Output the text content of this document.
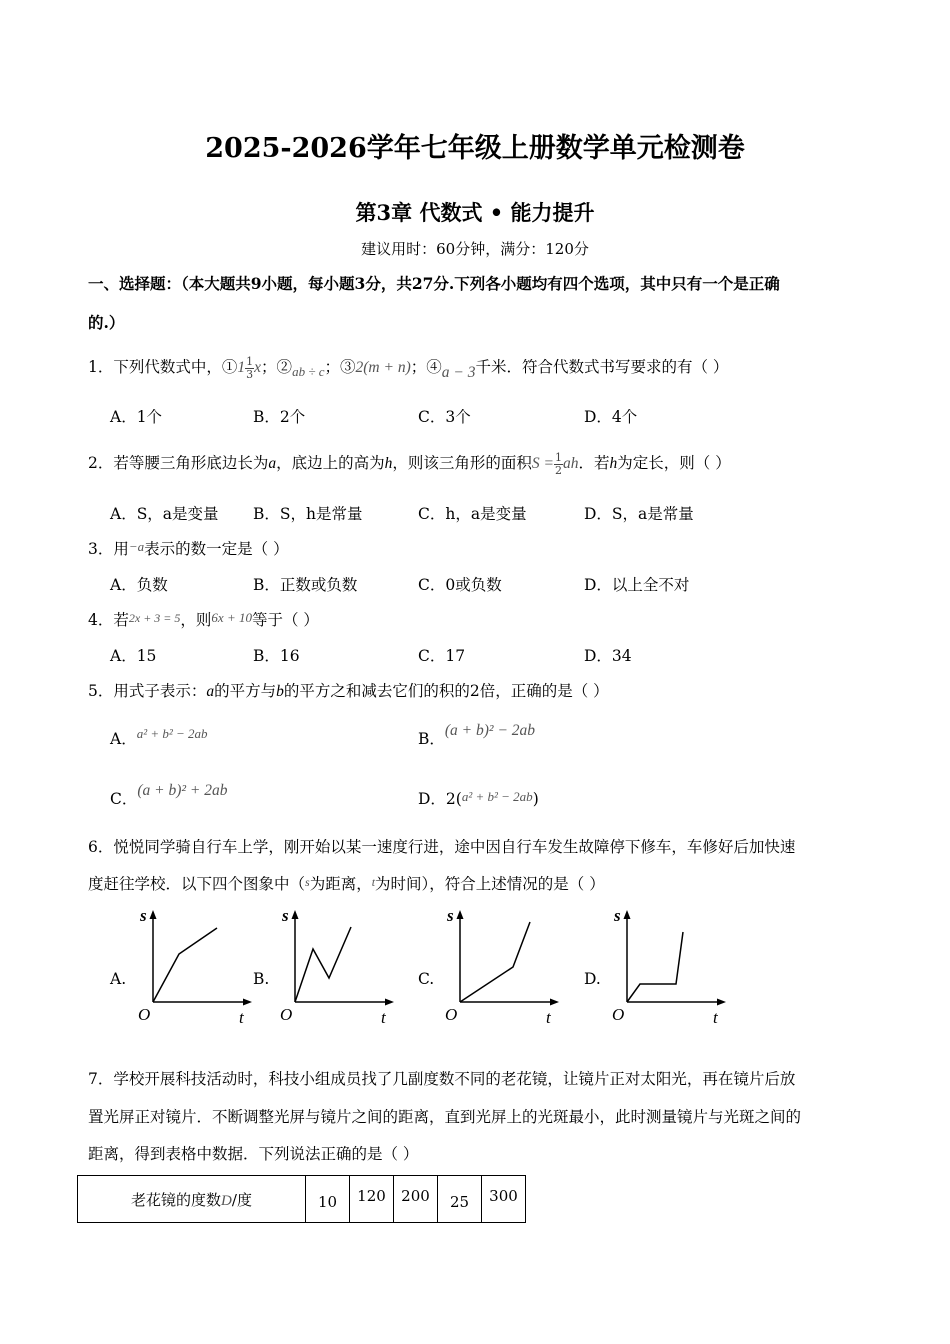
2025-2026学年七年级上册数学单元检测卷
第3章 代数式 • 能力提升
建议用时：60分钟，满分：120分
一、选择题：（本大题共9小题，每小题3分，共27分.下列各小题均有四个选项，其中只有一个是正确
的.）
1．下列代数式中，①1 $\frac{1}{3}$ x；$②_{ab \div c}$；③2(m + n)；④a − 3千米．符合代数式书写要求的有（ ）
A．1个	B．2个	C．3个	D．4个
2．若等腰三角形底边长为a，底边上的高为h，则该三角形的面积$S = \frac{1}{2}$ ah．若h为定长，则（ ）
A．S，a是变量 B．S，h是常量	C．h，a是变量	D．S，a是常量
3．用−a表示的数一定是（ ）
A．负数	B．正数或负数	C．0或负数	D．以上全不对
4．若2x + 3 = 5，则6x + 10等于（ ）
A．15	B．16	C．17	D．34
5．用式子表示：a的平方与b的平方之和减去它们的积的2倍，正确的是（ ）
A．$^{a^2 + b^2 - 2ab}$	B．(a + b)² − 2ab
C．(a + b)² + 2ab	D．2(a² + b² − 2ab)
6．悦悦同学骑自行车上学，刚开始以某一速度行进，途中因自行车发生故障停下修车，车修好后加快速
度赶往学校．以下四个图象中（s为距离，t为时间），符合上述情况的是（ ）
A.
s
O	t
B.
s
O	t
C.
s
O	t
D.
s
O	t
7．学校开展科技活动时，科技小组成员找了几副度数不同的老花镜，让镜片正对太阳光，再在镜片后放
置光屏正对镜片．不断调整光屏与镜片之间的距离，直到光屏上的光斑最小，此时测量镜片与光斑之间的
距离，得到表格中数据．下列说法正确的是（ ）
老花镜的度数D/度	10	120	200	25	300
